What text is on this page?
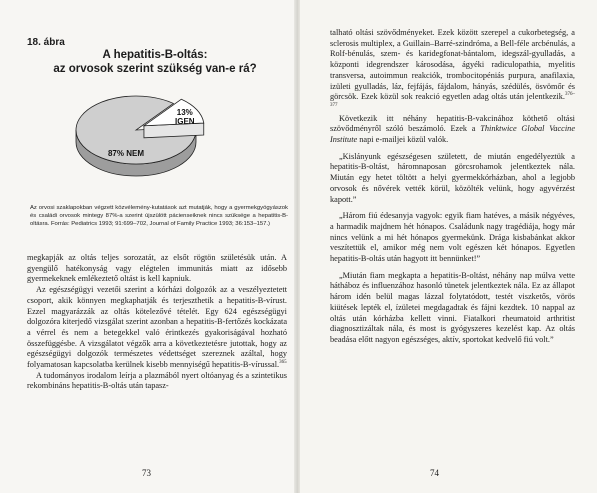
18. ábra
A hepatitis-B-oltás:
az orvosok szerint szükség van-e rá?
13%
IGEN
87% NEM
Az orvosi szaklapokban végzett közvélemény-kutatások azt mutatják, hogy a gyermekgyógyászok és családi orvosok mintegy 87%-a szerint újszülött pácienseiknek nincs szüksége a hepatitis-B-oltásra. Forrás: Pediatrics 1993; 91:699–702, Journal of Family Practice 1993; 36:153–157.)

megkapják az oltás teljes sorozatát, az elsőt rögtön születésük után. A gyengülő hatékonyság vagy elégtelen immunitás miatt az idősebb gyermekeknek emlékeztető oltást is kell kapniuk.

Az egészségügyi vezetői szerint a kórházi dolgozók az a veszélyeztetett csoport, akik könnyen megkaphatják és terjeszthetik a hepatitis-B-vírust. Ezzel magyarázzák az oltás kötelezővé tételét. Egy 624 egészségügyi dolgozóra kiterjedő vizsgálat szerint azonban a hepatitis-B-fertőzés kockázata a vérrel és nem a betegekkel való érintkezés gyakoriságával hozható összefüggésbe. A vizsgálatot végzők arra a következtetésre jutottak, hogy az egészségügyi dolgozók természetes védettséget szereznek azáltal, hogy folyamatosan kapcsolatba kerülnek kisebb mennyiségű hepatitis-B-vírussal.$^{365}$

A tudományos irodalom leírja a plazmából nyert oltóanyag és a szintetikus rekombináns hepatitis-B-oltás után tapasz-

73	74

talható oltási szövődményeket. Ezek között szerepel a cukorbetegség, a sclerosis multiplex, a Guillain–Barré-szindróma, a Bell-féle arcbénulás, a Rolf-bénulás, szem- és karidegfonat-bántalom, idegszál-gyulladás, a központi idegrendszer károsodása, ágyéki radiculopathia, myelitis transversa, autoimmun reakciók, trombocitopéniás purpura, anafilaxia, izületi gyulladás, láz, fejfájás, fájdalom, hányás, szédülés, ösvömőr és görcsök. Ezek közül sok reakció egyetlen adag oltás után jelentkezik.$^{376-377}$

Következik itt néhány hepatitis-B-vakcinához köthető oltási szövődményről szóló beszámoló. Ezek a Thinktwice Global Vaccine Institute napi e-mailjei közül valók.

„Kislányunk egészségesen született, de miután engedélyeztük a hepatitis-B-oltást, háromnaposan görcsrohamok jelentkeztek nála. Miután egy hetet töltött a helyi gyermekkórházban, ahol a legjobb orvosok és nővérek vették körül, közölték velünk, hogy agyvérzést kapott.”

„Három fiú édesanyja vagyok: egyik fiam hatéves, a másik négyéves, a harmadik majdnem hét hónapos. Családunk nagy tragédiája, hogy már nincs velünk a mi hét hónapos gyermekünk. Drága kisbabánkat akkor veszítettük el, amikor még nem volt egészen két hónapos. Egyetlen hepatitis-B-oltás után hagyott itt bennünket!”

„Miután fiam megkapta a hepatitis-B-oltást, néhány nap múlva vette hátháboz és influenzához hasonló tünetek jelentkeztek nála. Ez az állapot három idén belül magas lázzal folytatódott, testét viszketős, vörös kiütések lepték el, ízületei megdagadtak és fájni kezdtek. 10 nappal az oltás után kórházba kellett vinni. Fiatalkori rheumatoid arthritist diagnosztizáltak nála, és most is gyógyszeres kezelést kap. Az oltás beadása előtt nagyon egészséges, aktív, sportokat kedvelő fiú volt.”
